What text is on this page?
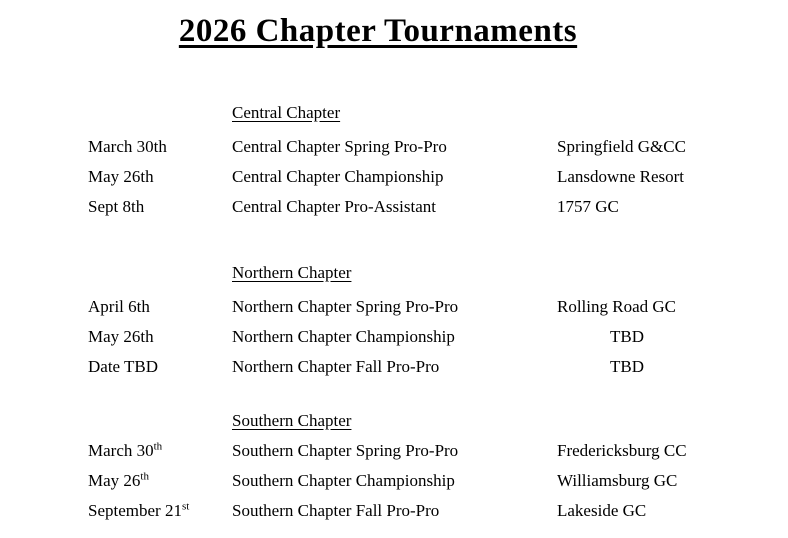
2026 Chapter Tournaments
Central Chapter
March 30th	Central Chapter Spring Pro-Pro	Springfield G&CC
May 26th	Central Chapter Championship	Lansdowne Resort
Sept 8th	Central Chapter Pro-Assistant	1757 GC
Northern Chapter
April 6th	Northern Chapter Spring Pro-Pro	Rolling Road GC
May 26th	Northern Chapter Championship	TBD
Date TBD	Northern Chapter Fall Pro-Pro	TBD
Southern Chapter
March 30th	Southern Chapter Spring Pro-Pro	Fredericksburg CC
May 26th	Southern Chapter Championship	Williamsburg GC
September 21st	Southern Chapter Fall Pro-Pro	Lakeside GC
